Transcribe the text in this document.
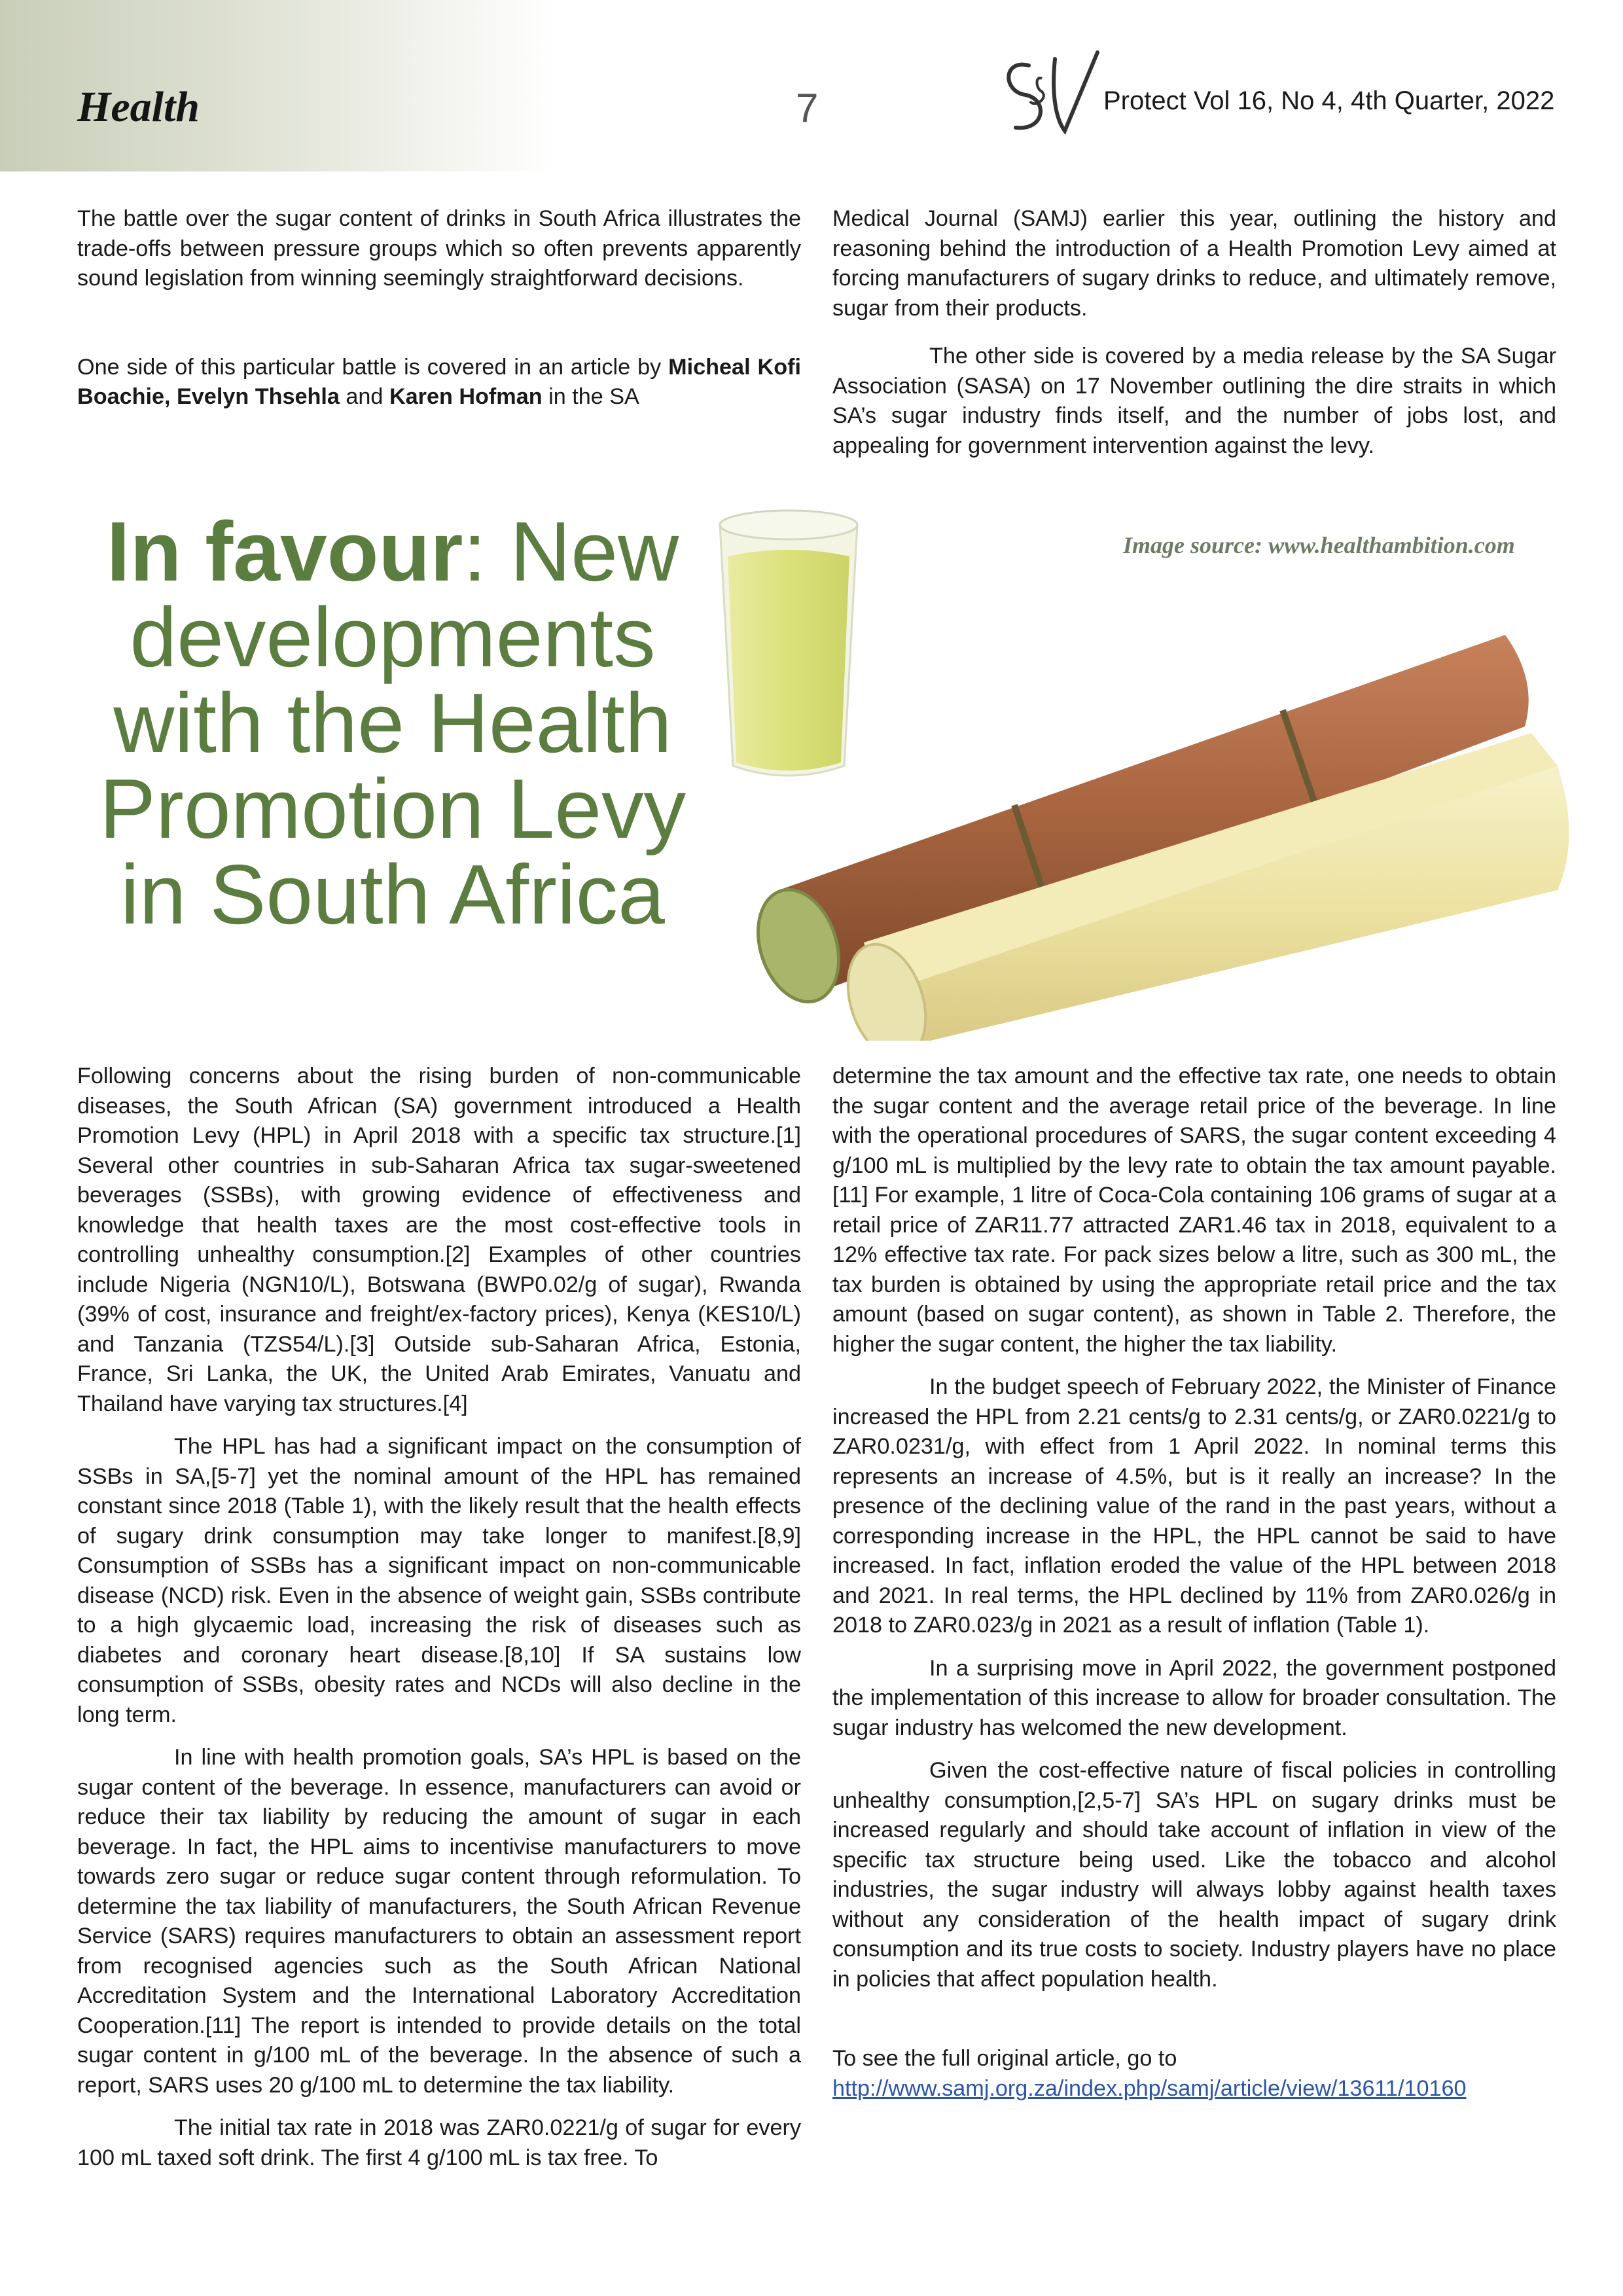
Health	7	Protect Vol 16, No 4, 4th Quarter, 2022

The battle over the sugar content of drinks in South Africa illustrates the trade-offs between pressure groups which so often prevents apparently sound legislation from winning seemingly straightforward decisions.

One side of this particular battle is covered in an article by Micheal Kofi Boachie, Evelyn Thsehla and Karen Hofman in the SA

Medical Journal (SAMJ) earlier this year, outlining the history and reasoning behind the introduction of a Health Promotion Levy aimed at forcing manufacturers of sugary drinks to reduce, and ultimately remove, sugar from their products.

The other side is covered by a media release by the SA Sugar Association (SASA) on 17 November outlining the dire straits in which SA’s sugar industry finds itself, and the number of jobs lost, and appealing for government intervention against the levy.

In favour: New developments with the Health Promotion Levy in South Africa
Image source: www.healthambition.com

Following concerns about the rising burden of non-communicable diseases, the South African (SA) government introduced a Health Promotion Levy (HPL) in April 2018 with a specific tax structure.[1] Several other countries in sub-Saharan Africa tax sugar-sweetened beverages (SSBs), with growing evidence of effectiveness and knowledge that health taxes are the most cost-effective tools in controlling unhealthy consumption.[2] Examples of other countries include Nigeria (NGN10/L), Botswana (BWP0.02/g of sugar), Rwanda (39% of cost, insurance and freight/ex-factory prices), Kenya (KES10/L) and Tanzania (TZS54/L).[3] Outside sub-Saharan Africa, Estonia, France, Sri Lanka, the UK, the United Arab Emirates, Vanuatu and Thailand have varying tax structures.[4]

The HPL has had a significant impact on the consumption of SSBs in SA,[5-7] yet the nominal amount of the HPL has remained constant since 2018 (Table 1), with the likely result that the health effects of sugary drink consumption may take longer to manifest.[8,9] Consumption of SSBs has a significant impact on non-communicable disease (NCD) risk. Even in the absence of weight gain, SSBs contribute to a high glycaemic load, increasing the risk of diseases such as diabetes and coronary heart disease.[8,10] If SA sustains low consumption of SSBs, obesity rates and NCDs will also decline in the long term.

In line with health promotion goals, SA’s HPL is based on the sugar content of the beverage. In essence, manufacturers can avoid or reduce their tax liability by reducing the amount of sugar in each beverage. In fact, the HPL aims to incentivise manufacturers to move towards zero sugar or reduce sugar content through reformulation. To determine the tax liability of manufacturers, the South African Revenue Service (SARS) requires manufacturers to obtain an assessment report from recognised agencies such as the South African National Accreditation System and the International Laboratory Accreditation Cooperation.[11] The report is intended to provide details on the total sugar content in g/100 mL of the beverage. In the absence of such a report, SARS uses 20 g/100 mL to determine the tax liability.

The initial tax rate in 2018 was ZAR0.0221/g of sugar for every 100 mL taxed soft drink. The first 4 g/100 mL is tax free. To

determine the tax amount and the effective tax rate, one needs to obtain the sugar content and the average retail price of the beverage. In line with the operational procedures of SARS, the sugar content exceeding 4 g/100 mL is multiplied by the levy rate to obtain the tax amount payable.[11] For example, 1 litre of Coca-Cola containing 106 grams of sugar at a retail price of ZAR11.77 attracted ZAR1.46 tax in 2018, equivalent to a 12% effective tax rate. For pack sizes below a litre, such as 300 mL, the tax burden is obtained by using the appropriate retail price and the tax amount (based on sugar content), as shown in Table 2. Therefore, the higher the sugar content, the higher the tax liability.

In the budget speech of February 2022, the Minister of Finance increased the HPL from 2.21 cents/g to 2.31 cents/g, or ZAR0.0221/g to ZAR0.0231/g, with effect from 1 April 2022. In nominal terms this represents an increase of 4.5%, but is it really an increase? In the presence of the declining value of the rand in the past years, without a corresponding increase in the HPL, the HPL cannot be said to have increased. In fact, inflation eroded the value of the HPL between 2018 and 2021. In real terms, the HPL declined by 11% from ZAR0.026/g in 2018 to ZAR0.023/g in 2021 as a result of inflation (Table 1).

In a surprising move in April 2022, the government postponed the implementation of this increase to allow for broader consultation. The sugar industry has welcomed the new development.

Given the cost-effective nature of fiscal policies in controlling unhealthy consumption,[2,5-7] SA’s HPL on sugary drinks must be increased regularly and should take account of inflation in view of the specific tax structure being used. Like the tobacco and alcohol industries, the sugar industry will always lobby against health taxes without any consideration of the health impact of sugary drink consumption and its true costs to society. Industry players have no place in policies that affect population health.

To see the full original article, go to http://www.samj.org.za/index.php/samj/article/view/13611/10160
